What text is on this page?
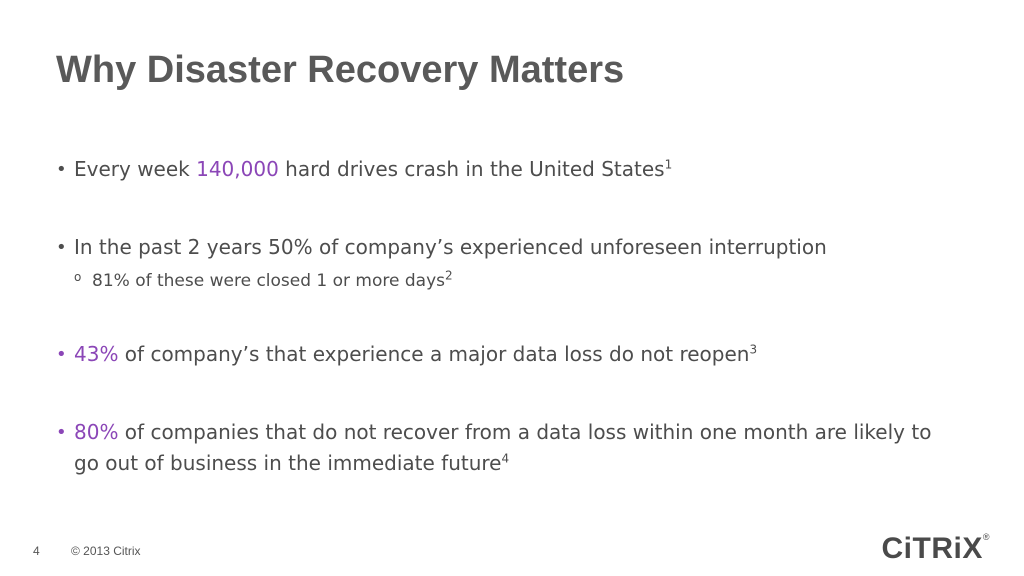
Why Disaster Recovery Matters
• Every week 140,000 hard drives crash in the United States$^1$
• In the past 2 years 50% of company’s experienced unforeseen interruption
o 81% of these were closed 1 or more days$^2$
• 43% of company’s that experience a major data loss do not reopen$^3$
• 80% of companies that do not recover from a data loss within one month are likely to
go out of business in the immediate future$^4$
4	© 2013 Citrix	CiTRiX®
